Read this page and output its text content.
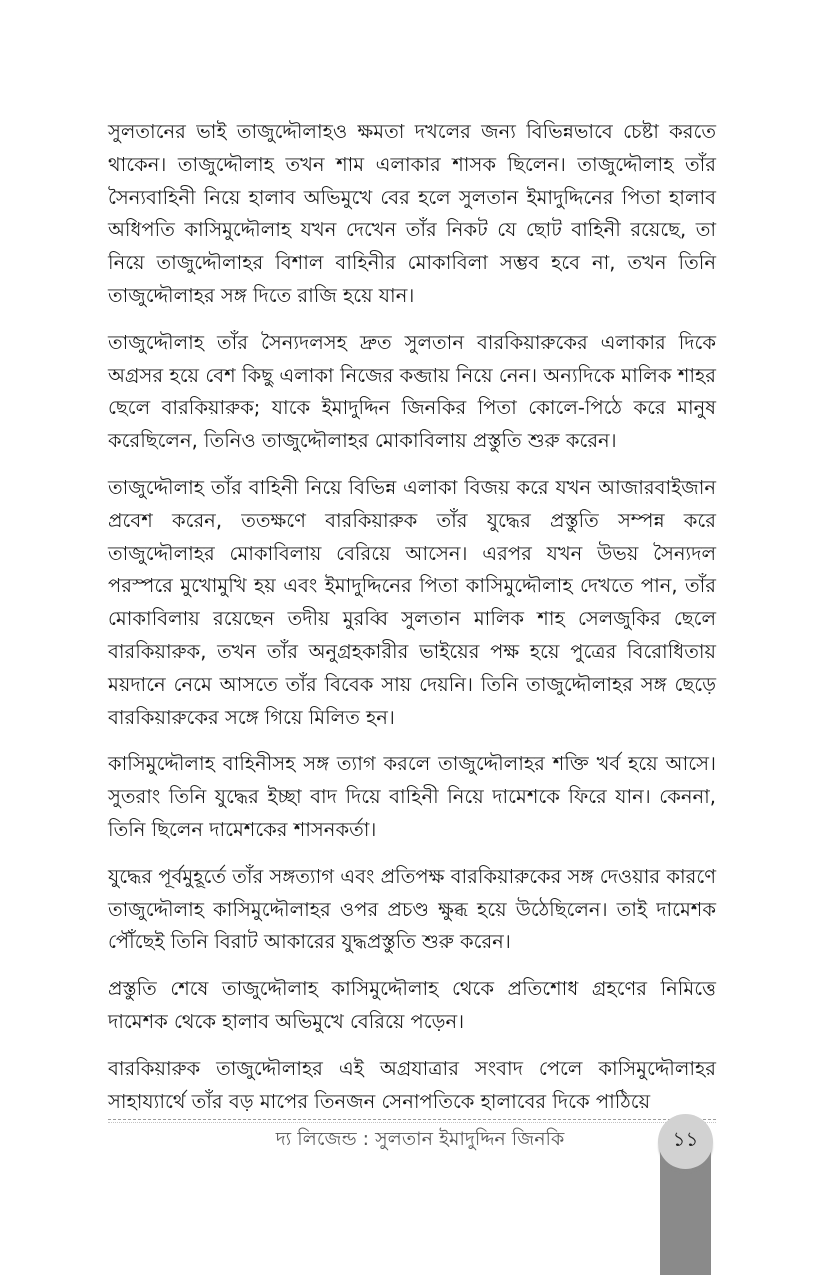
সুলতানের ভাই তাজুদ্দৌলাহও ক্ষমতা দখলের জন্য বিভিন্নভাবে চেষ্টা করতে থাকেন। তাজুদ্দৌলাহ তখন শাম এলাকার শাসক ছিলেন। তাজুদ্দৌলাহ তাঁর সৈন্যবাহিনী নিয়ে হালাব অভিমুখে বের হলে সুলতান ইমাদুদ্দিনের পিতা হালাব অধিপতি কাসিমুদ্দৌলাহ যখন দেখেন তাঁর নিকট যে ছোট বাহিনী রয়েছে, তা নিয়ে তাজুদ্দৌলাহর বিশাল বাহিনীর মোকাবিলা সম্ভব হবে না, তখন তিনি তাজুদ্দৌলাহর সঙ্গ দিতে রাজি হয়ে যান।

তাজুদ্দৌলাহ তাঁর সৈন্যদলসহ দ্রুত সুলতান বারকিয়ারুকের এলাকার দিকে অগ্রসর হয়ে বেশ কিছু এলাকা নিজের কব্জায় নিয়ে নেন। অন্যদিকে মালিক শাহর ছেলে বারকিয়ারুক; যাকে ইমাদুদ্দিন জিনকির পিতা কোলে-পিঠে করে মানুষ করেছিলেন, তিনিও তাজুদ্দৌলাহর মোকাবিলায় প্রস্তুতি শুরু করেন।

তাজুদ্দৌলাহ তাঁর বাহিনী নিয়ে বিভিন্ন এলাকা বিজয় করে যখন আজারবাইজান প্রবেশ করেন, ততক্ষণে বারকিয়ারুক তাঁর যুদ্ধের প্রস্তুতি সম্পন্ন করে তাজুদ্দৌলাহর মোকাবিলায় বেরিয়ে আসেন। এরপর যখন উভয় সৈন্যদল পরস্পরে মুখোমুখি হয় এবং ইমাদুদ্দিনের পিতা কাসিমুদ্দৌলাহ দেখতে পান, তাঁর মোকাবিলায় রয়েছেন তদীয় মুরব্বি সুলতান মালিক শাহ সেলজুকির ছেলে বারকিয়ারুক, তখন তাঁর অনুগ্রহকারীর ভাইয়ের পক্ষ হয়ে পুত্রের বিরোধিতায় ময়দানে নেমে আসতে তাঁর বিবেক সায় দেয়নি। তিনি তাজুদ্দৌলাহর সঙ্গ ছেড়ে বারকিয়ারুকের সঙ্গে গিয়ে মিলিত হন।

কাসিমুদ্দৌলাহ বাহিনীসহ সঙ্গ ত্যাগ করলে তাজুদ্দৌলাহর শক্তি খর্ব হয়ে আসে। সুতরাং তিনি যুদ্ধের ইচ্ছা বাদ দিয়ে বাহিনী নিয়ে দামেশকে ফিরে যান। কেননা, তিনি ছিলেন দামেশকের শাসনকর্তা।

যুদ্ধের পূর্বমুহূর্তে তাঁর সঙ্গত্যাগ এবং প্রতিপক্ষ বারকিয়ারুকের সঙ্গ দেওয়ার কারণে তাজুদ্দৌলাহ কাসিমুদ্দৌলাহর ওপর প্রচণ্ড ক্ষুব্ধ হয়ে উঠেছিলেন। তাই দামেশক পৌঁছেই তিনি বিরাট আকারের যুদ্ধপ্রস্তুতি শুরু করেন।

প্রস্তুতি শেষে তাজুদ্দৌলাহ কাসিমুদ্দৌলাহ থেকে প্রতিশোধ গ্রহণের নিমিত্তে দামেশক থেকে হালাব অভিমুখে বেরিয়ে পড়েন।

বারকিয়ারুক তাজুদ্দৌলাহর এই অগ্রযাত্রার সংবাদ পেলে কাসিমুদ্দৌলাহর সাহায্যার্থে তাঁর বড় মাপের তিনজন সেনাপতিকে হালাবের দিকে পাঠিয়ে

দ্য লিজেন্ড : সুলতান ইমাদুদ্দিন জিনকি	১১
